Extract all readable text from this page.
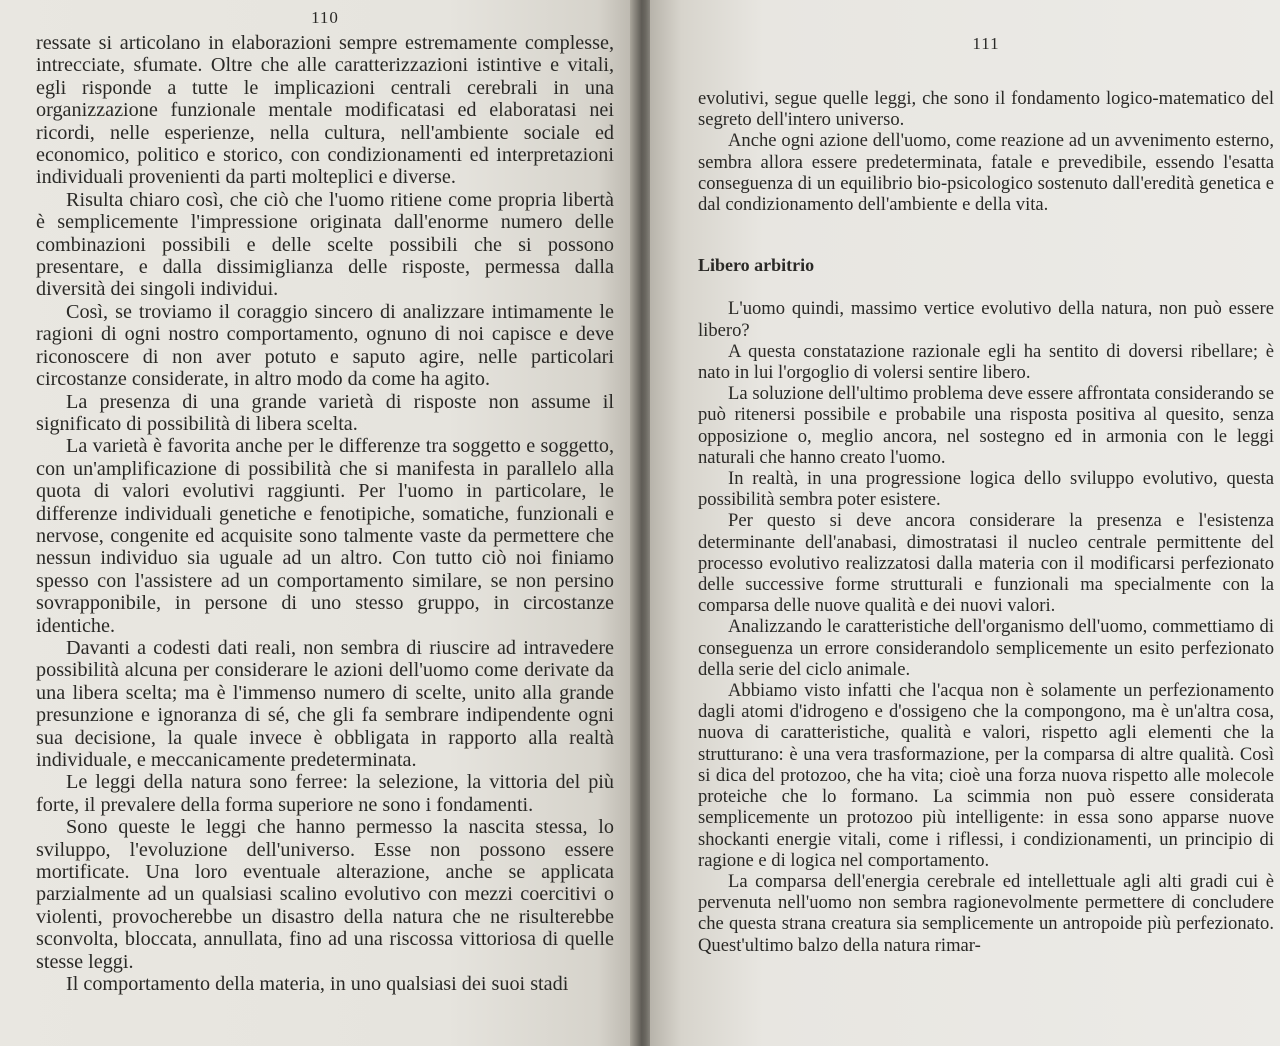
110

ressate si articolano in elaborazioni sempre estremamente complesse, intrecciate, sfumate. Oltre che alle caratterizzazioni istintive e vitali, egli risponde a tutte le implicazioni centrali cerebrali in una organizzazione funzionale mentale modificatasi ed elaboratasi nei ricordi, nelle esperienze, nella cultura, nell'ambiente sociale ed economico, politico e storico, con condizionamenti ed interpretazioni individuali provenienti da parti molteplici e diverse.

Risulta chiaro così, che ciò che l'uomo ritiene come propria libertà è semplicemente l'impressione originata dall'enorme numero delle combinazioni possibili e delle scelte possibili che si possono presentare, e dalla dissimiglianza delle risposte, permessa dalla diversità dei singoli individui.

Così, se troviamo il coraggio sincero di analizzare intimamente le ragioni di ogni nostro comportamento, ognuno di noi capisce e deve riconoscere di non aver potuto e saputo agire, nelle particolari circostanze considerate, in altro modo da come ha agito.

La presenza di una grande varietà di risposte non assume il significato di possibilità di libera scelta.

La varietà è favorita anche per le differenze tra soggetto e soggetto, con un'amplificazione di possibilità che si manifesta in parallelo alla quota di valori evolutivi raggiunti. Per l'uomo in particolare, le differenze individuali genetiche e fenotipiche, somatiche, funzionali e nervose, congenite ed acquisite sono talmente vaste da permettere che nessun individuo sia uguale ad un altro. Con tutto ciò noi finiamo spesso con l'assistere ad un comportamento similare, se non persino sovrapponibile, in persone di uno stesso gruppo, in circostanze identiche.

Davanti a codesti dati reali, non sembra di riuscire ad intravedere possibilità alcuna per considerare le azioni dell'uomo come derivate da una libera scelta; ma è l'immenso numero di scelte, unito alla grande presunzione e ignoranza di sé, che gli fa sembrare indipendente ogni sua decisione, la quale invece è obbligata in rapporto alla realtà individuale, e meccanicamente predeterminata.

Le leggi della natura sono ferree: la selezione, la vittoria del più forte, il prevalere della forma superiore ne sono i fondamenti.

Sono queste le leggi che hanno permesso la nascita stessa, lo sviluppo, l'evoluzione dell'universo. Esse non possono essere mortificate. Una loro eventuale alterazione, anche se applicata parzialmente ad un qualsiasi scalino evolutivo con mezzi coercitivi o violenti, provocherebbe un disastro della natura che ne risulterebbe sconvolta, bloccata, annullata, fino ad una riscossa vittoriosa di quelle stesse leggi.

Il comportamento della materia, in uno qualsiasi dei suoi stadi

111

evolutivi, segue quelle leggi, che sono il fondamento logico-matematico del segreto dell'intero universo.

Anche ogni azione dell'uomo, come reazione ad un avvenimento esterno, sembra allora essere predeterminata, fatale e prevedibile, essendo l'esatta conseguenza di un equilibrio bio-psicologico sostenuto dall'eredità genetica e dal condizionamento dell'ambiente e della vita.

Libero arbitrio

L'uomo quindi, massimo vertice evolutivo della natura, non può essere libero?

A questa constatazione razionale egli ha sentito di doversi ribellare; è nato in lui l'orgoglio di volersi sentire libero.

La soluzione dell'ultimo problema deve essere affrontata considerando se può ritenersi possibile e probabile una risposta positiva al quesito, senza opposizione o, meglio ancora, nel sostegno ed in armonia con le leggi naturali che hanno creato l'uomo.

In realtà, in una progressione logica dello sviluppo evolutivo, questa possibilità sembra poter esistere.

Per questo si deve ancora considerare la presenza e l'esistenza determinante dell'anabasi, dimostratasi il nucleo centrale permittente del processo evolutivo realizzatosi dalla materia con il modificarsi perfezionato delle successive forme strutturali e funzionali ma specialmente con la comparsa delle nuove qualità e dei nuovi valori.

Analizzando le caratteristiche dell'organismo dell'uomo, commettiamo di conseguenza un errore considerandolo semplicemente un esito perfezionato della serie del ciclo animale.

Abbiamo visto infatti che l'acqua non è solamente un perfezionamento dagli atomi d'idrogeno e d'ossigeno che la compongono, ma è un'altra cosa, nuova di caratteristiche, qualità e valori, rispetto agli elementi che la strutturano: è una vera trasformazione, per la comparsa di altre qualità. Così si dica del protozoo, che ha vita; cioè una forza nuova rispetto alle molecole proteiche che lo formano. La scimmia non può essere considerata semplicemente un protozoo più intelligente: in essa sono apparse nuove shockanti energie vitali, come i riflessi, i condizionamenti, un principio di ragione e di logica nel comportamento.

La comparsa dell'energia cerebrale ed intellettuale agli alti gradi cui è pervenuta nell'uomo non sembra ragionevolmente permettere di concludere che questa strana creatura sia semplicemente un antropoide più perfezionato. Quest'ultimo balzo della natura rimar-
